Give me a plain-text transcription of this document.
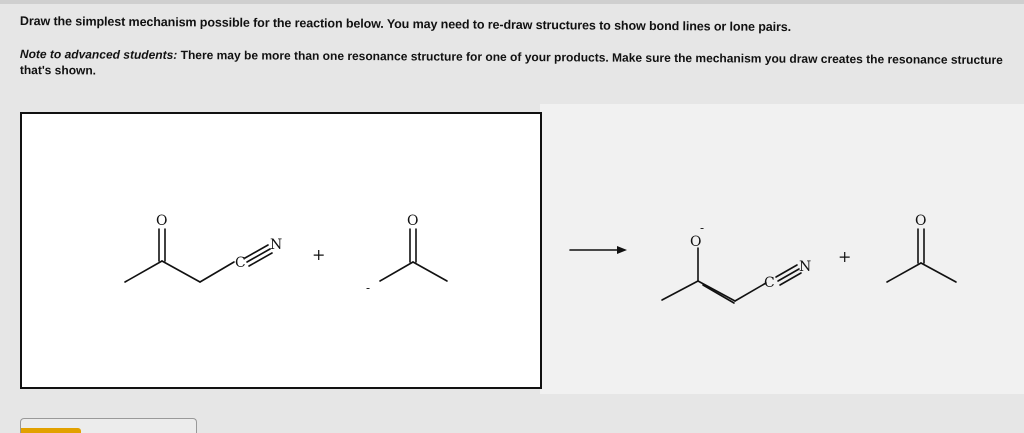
Draw the simplest mechanism possible for the reaction below. You may need to re-draw structures to show bond lines or lone pairs.
Note to advanced students: There may be more than one resonance structure for one of your products. Make sure the mechanism you draw creates the resonance structure that's shown.
O
C
N +
O
-
O
-
C
N
+
O
